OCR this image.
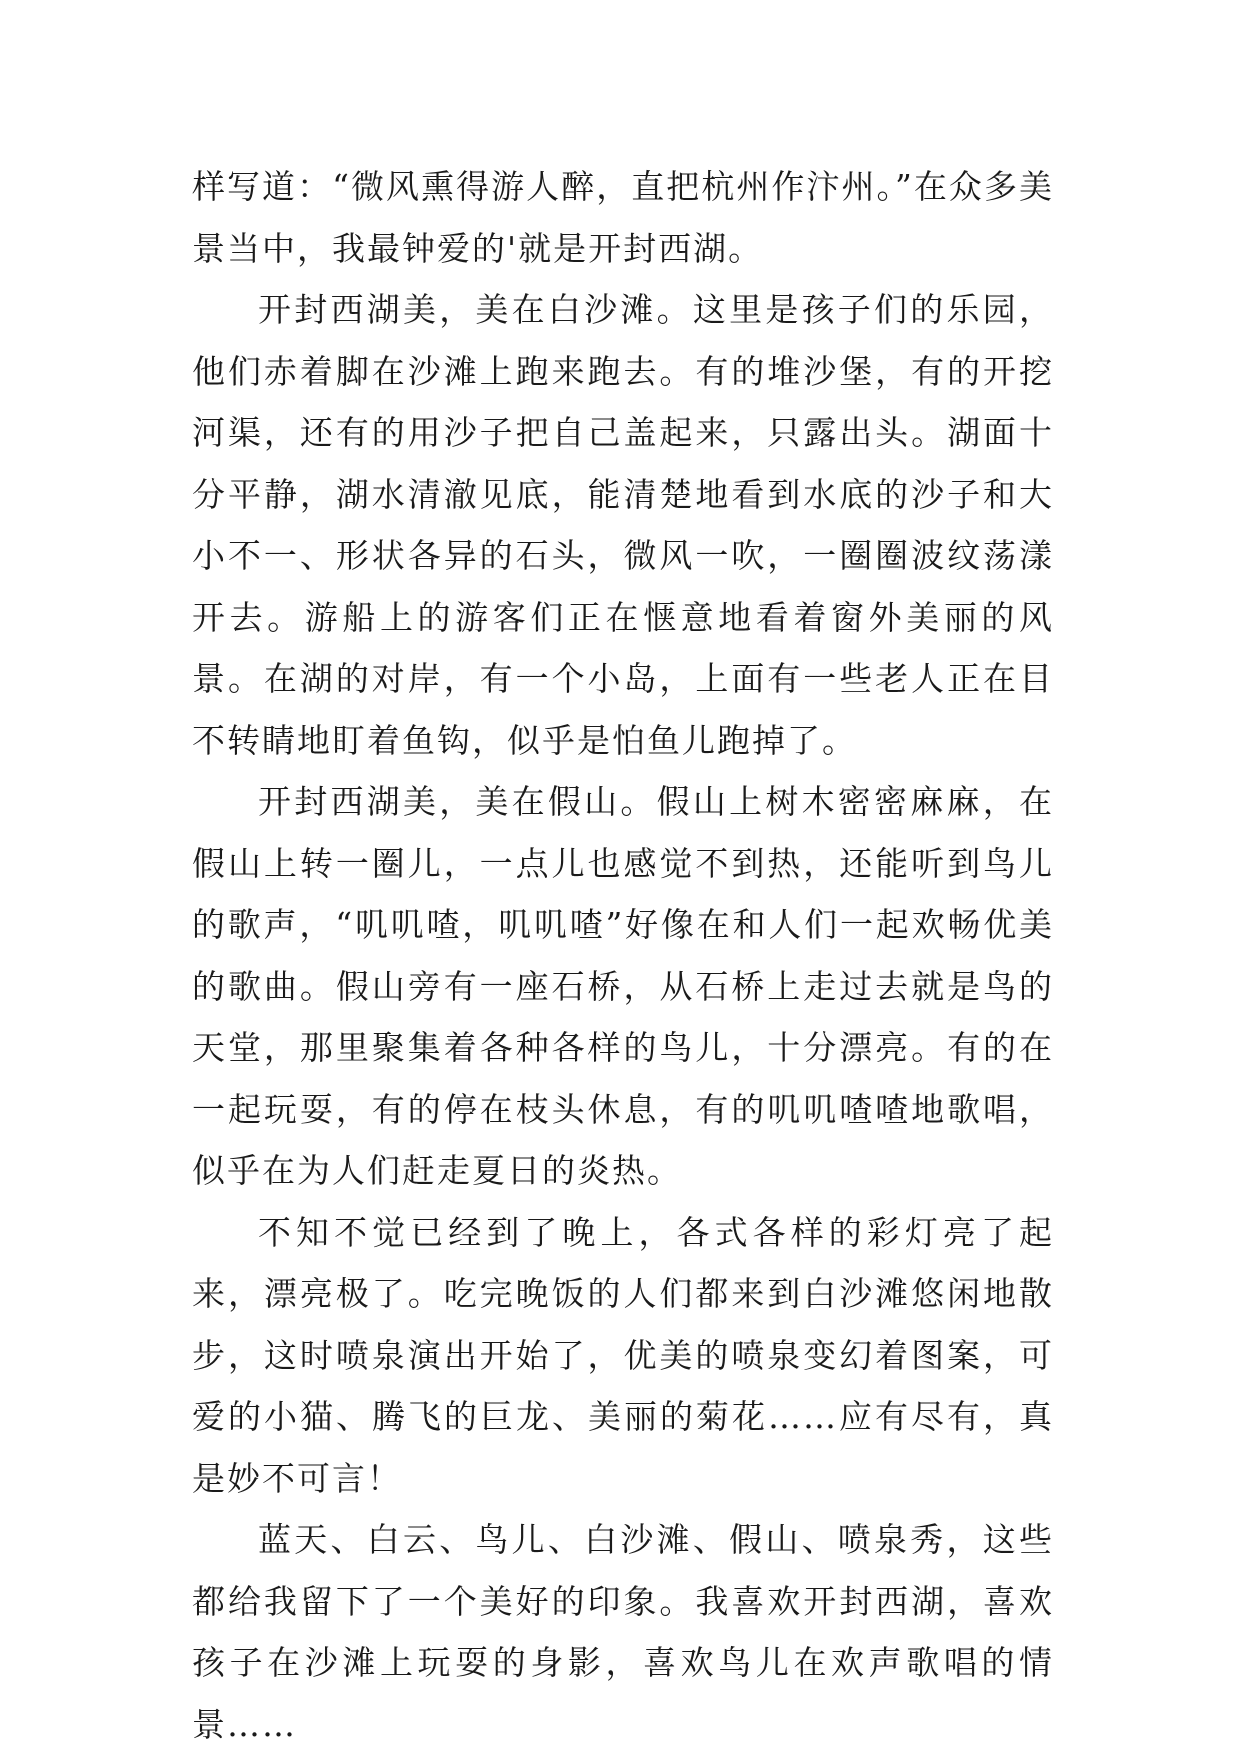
样写道：“微风熏得游人醉，直把杭州作汴州。”在众多美景当中，我最钟爱的'就是开封西湖。

开封西湖美，美在白沙滩。这里是孩子们的乐园，他们赤着脚在沙滩上跑来跑去。有的堆沙堡，有的开挖河渠，还有的用沙子把自己盖起来，只露出头。湖面十分平静，湖水清澈见底，能清楚地看到水底的沙子和大小不一、形状各异的石头，微风一吹，一圈圈波纹荡漾开去。游船上的游客们正在惬意地看着窗外美丽的风景。在湖的对岸，有一个小岛，上面有一些老人正在目不转睛地盯着鱼钩，似乎是怕鱼儿跑掉了。

开封西湖美，美在假山。假山上树木密密麻麻，在假山上转一圈儿，一点儿也感觉不到热，还能听到鸟儿的歌声，“叽叽喳，叽叽喳”好像在和人们一起欢畅优美的歌曲。假山旁有一座石桥，从石桥上走过去就是鸟的天堂，那里聚集着各种各样的鸟儿，十分漂亮。有的在一起玩耍，有的停在枝头休息，有的叽叽喳喳地歌唱，似乎在为人们赶走夏日的炎热。

不知不觉已经到了晚上，各式各样的彩灯亮了起来，漂亮极了。吃完晚饭的人们都来到白沙滩悠闲地散步，这时喷泉演出开始了，优美的喷泉变幻着图案，可爱的小猫、腾飞的巨龙、美丽的菊花……应有尽有，真是妙不可言！

蓝天、白云、鸟儿、白沙滩、假山、喷泉秀，这些都给我留下了一个美好的印象。我喜欢开封西湖，喜欢孩子在沙滩上玩耍的身影，喜欢鸟儿在欢声歌唱的情景……
